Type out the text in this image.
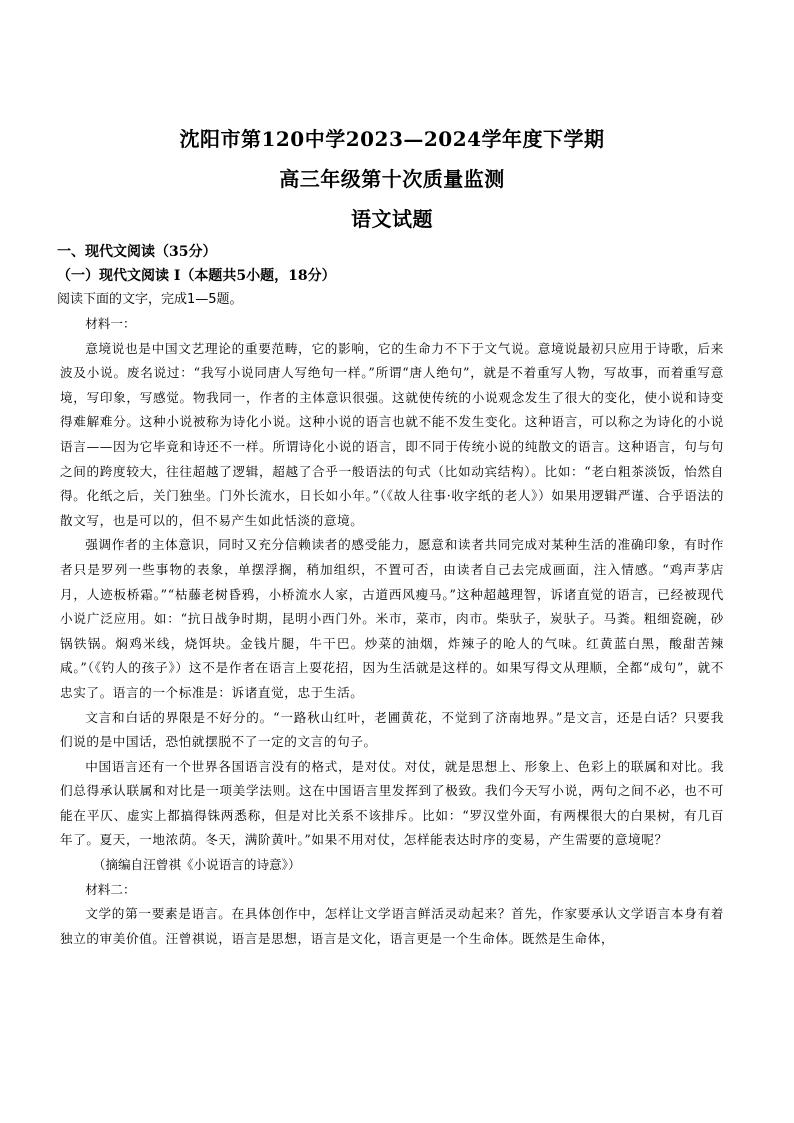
沈阳市第120中学2023—2024学年度下学期
高三年级第十次质量监测
语文试题
一、现代文阅读（35分）
（一）现代文阅读 I（本题共5小题，18分）
阅读下面的文字，完成1—5题。

材料一：

意境说也是中国文艺理论的重要范畴，它的影响，它的生命力不下于文气说。意境说最初只应用于诗歌，后来波及小说。废名说过：“我写小说同唐人写绝句一样。”所谓“唐人绝句”，就是不着重写人物，写故事，而着重写意境，写印象，写感觉。物我同一，作者的主体意识很强。这就使传统的小说观念发生了很大的变化，使小说和诗变得难解难分。这种小说被称为诗化小说。这种小说的语言也就不能不发生变化。这种语言，可以称之为诗化的小说语言——因为它毕竟和诗还不一样。所谓诗化小说的语言，即不同于传统小说的纯散文的语言。这种语言，句与句之间的跨度较大，往往超越了逻辑，超越了合乎一般语法的句式（比如动宾结构）。比如：“老白粗茶淡饭，怡然自得。化纸之后，关门独坐。门外长流水，日长如小年。”（《故人往事·收字纸的老人》）如果用逻辑严谨、合乎语法的散文写，也是可以的，但不易产生如此恬淡的意境。

强调作者的主体意识，同时又充分信赖读者的感受能力，愿意和读者共同完成对某种生活的准确印象，有时作者只是罗列一些事物的表象，单摆浮搁，稍加组织，不置可否，由读者自己去完成画面，注入情感。“鸡声茅店月，人迹板桥霜。”“枯藤老树昏鸦，小桥流水人家，古道西风瘦马。”这种超越理智，诉诸直觉的语言，已经被现代小说广泛应用。如：“抗日战争时期，昆明小西门外。米市，菜市，肉市。柴驮子，炭驮子。马粪。粗细瓷碗，砂锅铁锅。焖鸡米线，烧饵块。金钱片腿，牛干巴。炒菜的油烟，炸辣子的呛人的气味。红黄蓝白黑，酸甜苦辣咸。”（《钓人的孩子》）这不是作者在语言上耍花招，因为生活就是这样的。如果写得文从理顺，全都“成句”，就不忠实了。语言的一个标准是：诉诸直觉，忠于生活。

文言和白话的界限是不好分的。“一路秋山红叶，老圃黄花，不觉到了济南地界。”是文言，还是白话？只要我们说的是中国话，恐怕就摆脱不了一定的文言的句子。

中国语言还有一个世界各国语言没有的格式，是对仗。对仗，就是思想上、形象上、色彩上的联属和对比。我们总得承认联属和对比是一项美学法则。这在中国语言里发挥到了极致。我们今天写小说，两句之间不必，也不可能在平仄、虚实上都搞得铢两悉称，但是对比关系不该排斥。比如：“罗汉堂外面，有两棵很大的白果树，有几百年了。夏天，一地浓荫。冬天，满阶黄叶。”如果不用对仗，怎样能表达时序的变易，产生需要的意境呢？

（摘编自汪曾祺《小说语言的诗意》）

材料二：

文学的第一要素是语言。在具体创作中，怎样让文学语言鲜活灵动起来？首先，作家要承认文学语言本身有着独立的审美价值。汪曾祺说，语言是思想，语言是文化，语言更是一个生命体。既然是生命体，
